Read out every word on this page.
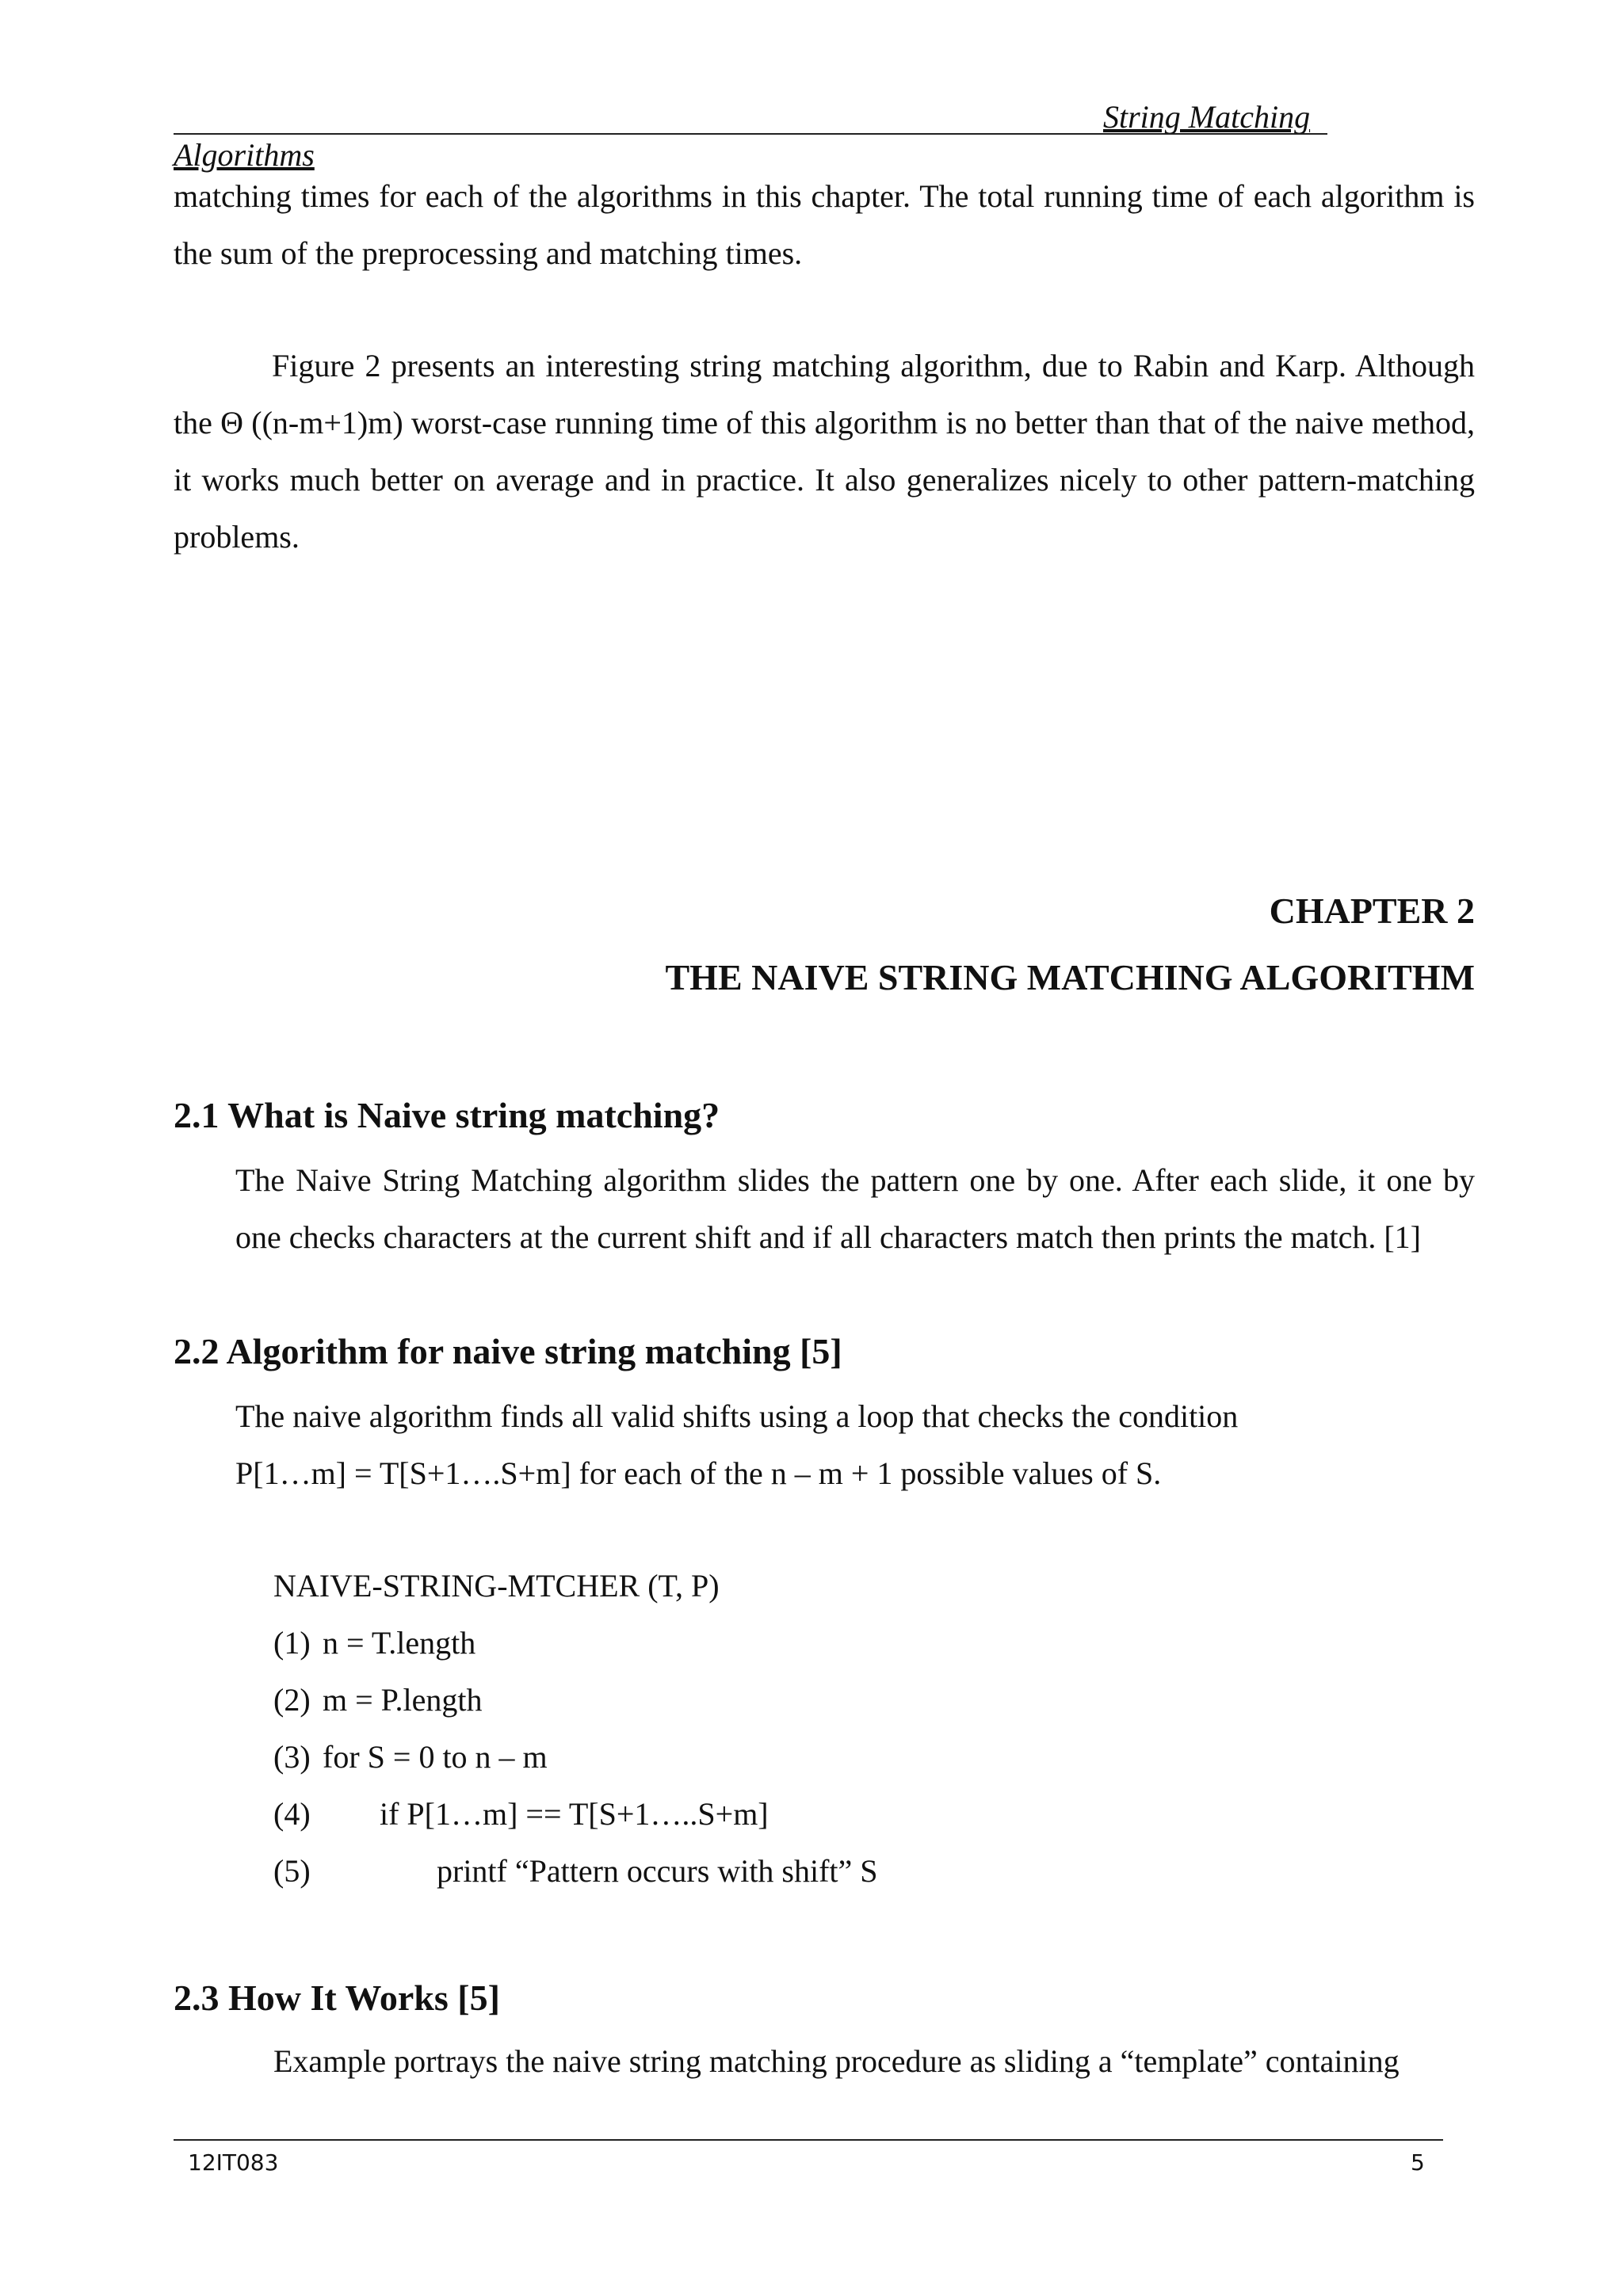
String Matching
Algorithms

matching times for each of the algorithms in this chapter. The total running time of each algorithm is the sum of the preprocessing and matching times.

Figure 2 presents an interesting string matching algorithm, due to Rabin and Karp. Although the Θ ((n-m+1)m) worst-case running time of this algorithm is no better than that of the naive method, it works much better on average and in practice. It also generalizes nicely to other pattern-matching problems.

CHAPTER 2
THE NAIVE STRING MATCHING ALGORITHM
2.1 What is Naive string matching?

The Naive String Matching algorithm slides the pattern one by one. After each slide, it one by one checks characters at the current shift and if all characters match then prints the match. [1]

2.2 Algorithm for naive string matching [5]
The naive algorithm finds all valid shifts using a loop that checks the condition
P[1…m] = T[S+1….S+m] for each of the n – m + 1 possible values of S.
NAIVE-STRING-MTCHER (T, P)
(1) n = T.length
(2) m = P.length
(3) for S = 0 to n – m
(4) if P[1…m] == T[S+1…..S+m]
(5)	printf “Pattern occurs with shift” S
2.3 How It Works [5]

Example portrays the naive string matching procedure as sliding a “template” containing

12IT083	5
